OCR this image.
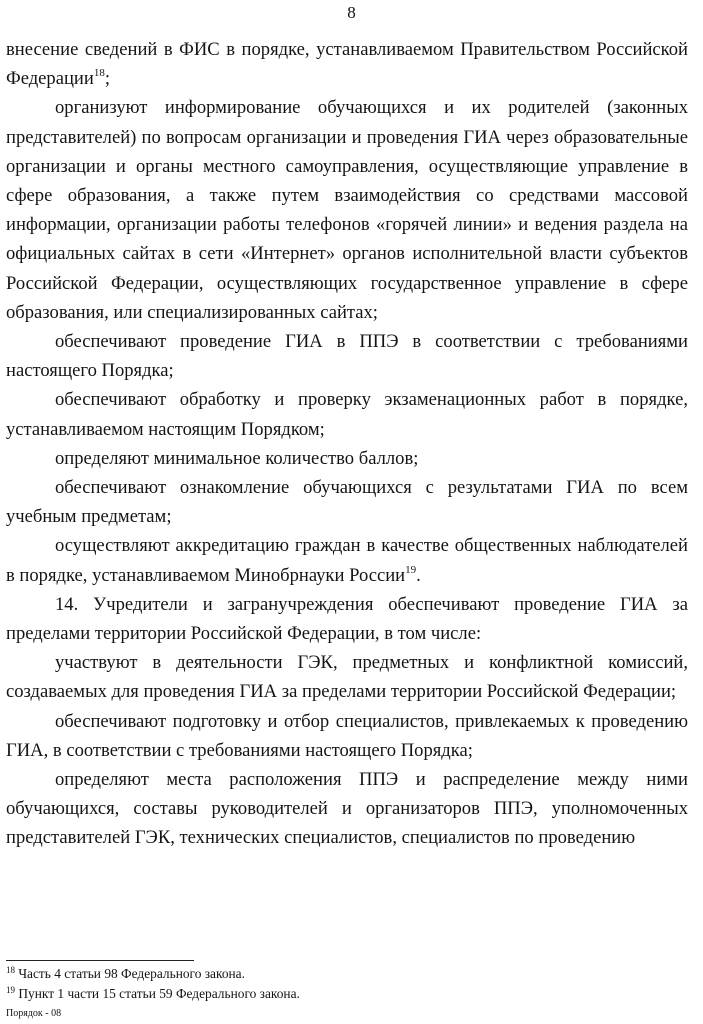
8

внесение сведений в ФИС в порядке, устанавливаемом Правительством Российской Федерации$^{18}$;

организуют информирование обучающихся и их родителей (законных представителей) по вопросам организации и проведения ГИА через образовательные организации и органы местного самоуправления, осуществляющие управление в сфере образования, а также путем взаимодействия со средствами массовой информации, организации работы телефонов «горячей линии» и ведения раздела на официальных сайтах в сети «Интернет» органов исполнительной власти субъектов Российской Федерации, осуществляющих государственное управление в сфере образования, или специализированных сайтах;

обеспечивают проведение ГИА в ППЭ в соответствии с требованиями настоящего Порядка;

обеспечивают обработку и проверку экзаменационных работ в порядке, устанавливаемом настоящим Порядком;

определяют минимальное количество баллов;

обеспечивают ознакомление обучающихся с результатами ГИА по всем учебным предметам;

осуществляют аккредитацию граждан в качестве общественных наблюдателей в порядке, устанавливаемом Минобрнауки России$^{19}$.

14. Учредители и загранучреждения обеспечивают проведение ГИА за пределами территории Российской Федерации, в том числе:

участвуют в деятельности ГЭК, предметных и конфликтной комиссий, создаваемых для проведения ГИА за пределами территории Российской Федерации;

обеспечивают подготовку и отбор специалистов, привлекаемых к проведению ГИА, в соответствии с требованиями настоящего Порядка;

определяют места расположения ППЭ и распределение между ними обучающихся, составы руководителей и организаторов ППЭ, уполномоченных представителей ГЭК, технических специалистов, специалистов по проведению

$^{18}$ Часть 4 статьи 98 Федерального закона.
$^{19}$ Пункт 1 части 15 статьи 59 Федерального закона.
Порядок - 08
